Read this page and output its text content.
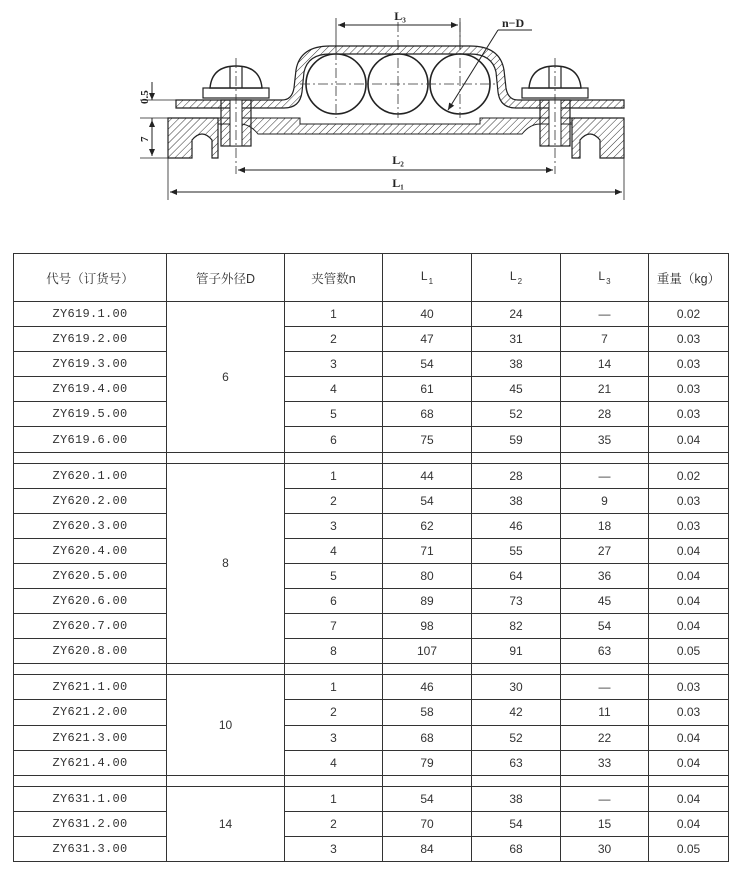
L₃	n−D
L₂
L₁
0.5
7
代号（订货号）	管子外径D	夹管数n	$L_1$	$L_2$	$L_3$	重量（kg）
ZY619.1.00	6	1	40	24	—	0.02
ZY619.2.00		2	47	31	7	0.03
ZY619.3.00		3	54	38	14	0.03
ZY619.4.00		4	61	45	21	0.03
ZY619.5.00		5	68	52	28	0.03
ZY619.6.00		6	75	59	35	0.04

ZY620.1.00	8	1	44	28	—	0.02
ZY620.2.00		2	54	38	9	0.03
ZY620.3.00		3	62	46	18	0.03
ZY620.4.00		4	71	55	27	0.04
ZY620.5.00		5	80	64	36	0.04
ZY620.6.00		6	89	73	45	0.04
ZY620.7.00		7	98	82	54	0.04
ZY620.8.00		8	107	91	63	0.05

ZY621.1.00	10	1	46	30	—	0.03
ZY621.2.00		2	58	42	11	0.03
ZY621.3.00		3	68	52	22	0.04
ZY621.4.00		4	79	63	33	0.04

ZY631.1.00	14	1	54	38	—	0.04
ZY631.2.00		2	70	54	15	0.04
ZY631.3.00		3	84	68	30	0.05
